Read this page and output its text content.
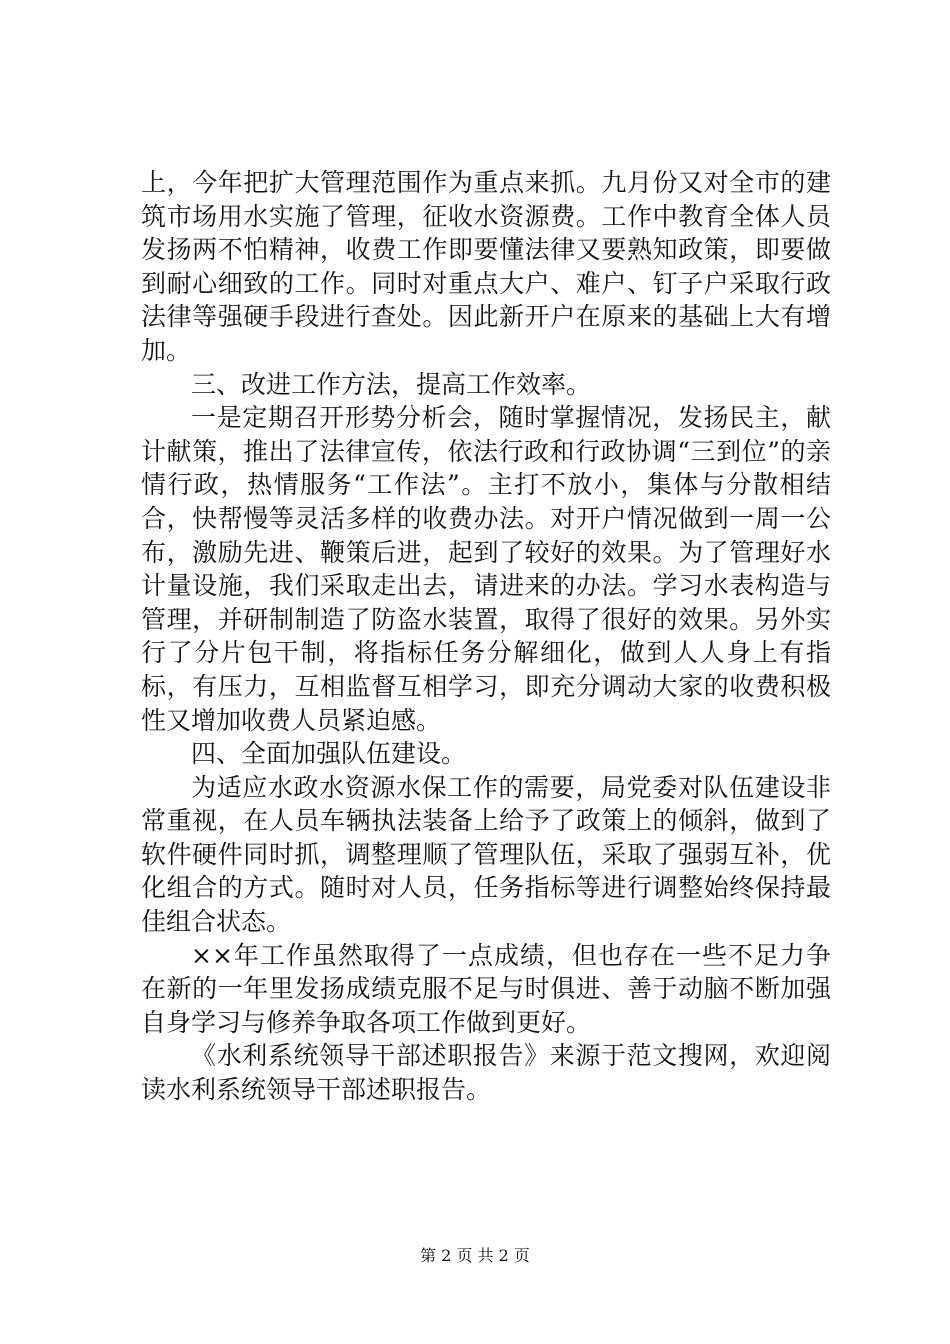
上，今年把扩大管理范围作为重点来抓。九月份又对全市的建筑市场用水实施了管理，征收水资源费。工作中教育全体人员发扬两不怕精神，收费工作即要懂法律又要熟知政策，即要做到耐心细致的工作。同时对重点大户、难户、钉子户采取行政法律等强硬手段进行查处。因此新开户在原来的基础上大有增加。

三、改进工作方法，提高工作效率。

一是定期召开形势分析会，随时掌握情况，发扬民主，献计献策，推出了法律宣传，依法行政和行政协调“三到位”的亲情行政，热情服务“工作法”。主打不放小，集体与分散相结合，快帮慢等灵活多样的收费办法。对开户情况做到一周一公布，激励先进、鞭策后进，起到了较好的效果。为了管理好水计量设施，我们采取走出去，请进来的办法。学习水表构造与管理，并研制制造了防盗水装置，取得了很好的效果。另外实行了分片包干制，将指标任务分解细化，做到人人身上有指标，有压力，互相监督互相学习，即充分调动大家的收费积极性又增加收费人员紧迫感。

四、全面加强队伍建设。

为适应水政水资源水保工作的需要，局党委对队伍建设非常重视，在人员车辆执法装备上给予了政策上的倾斜，做到了软件硬件同时抓，调整理顺了管理队伍，采取了强弱互补，优化组合的方式。随时对人员，任务指标等进行调整始终保持最佳组合状态。

××年工作虽然取得了一点成绩，但也存在一些不足力争在新的一年里发扬成绩克服不足与时俱进、善于动脑不断加强自身学习与修养争取各项工作做到更好。

《水利系统领导干部述职报告》来源于范文搜网，欢迎阅读水利系统领导干部述职报告。

第 2 页 共 2 页
